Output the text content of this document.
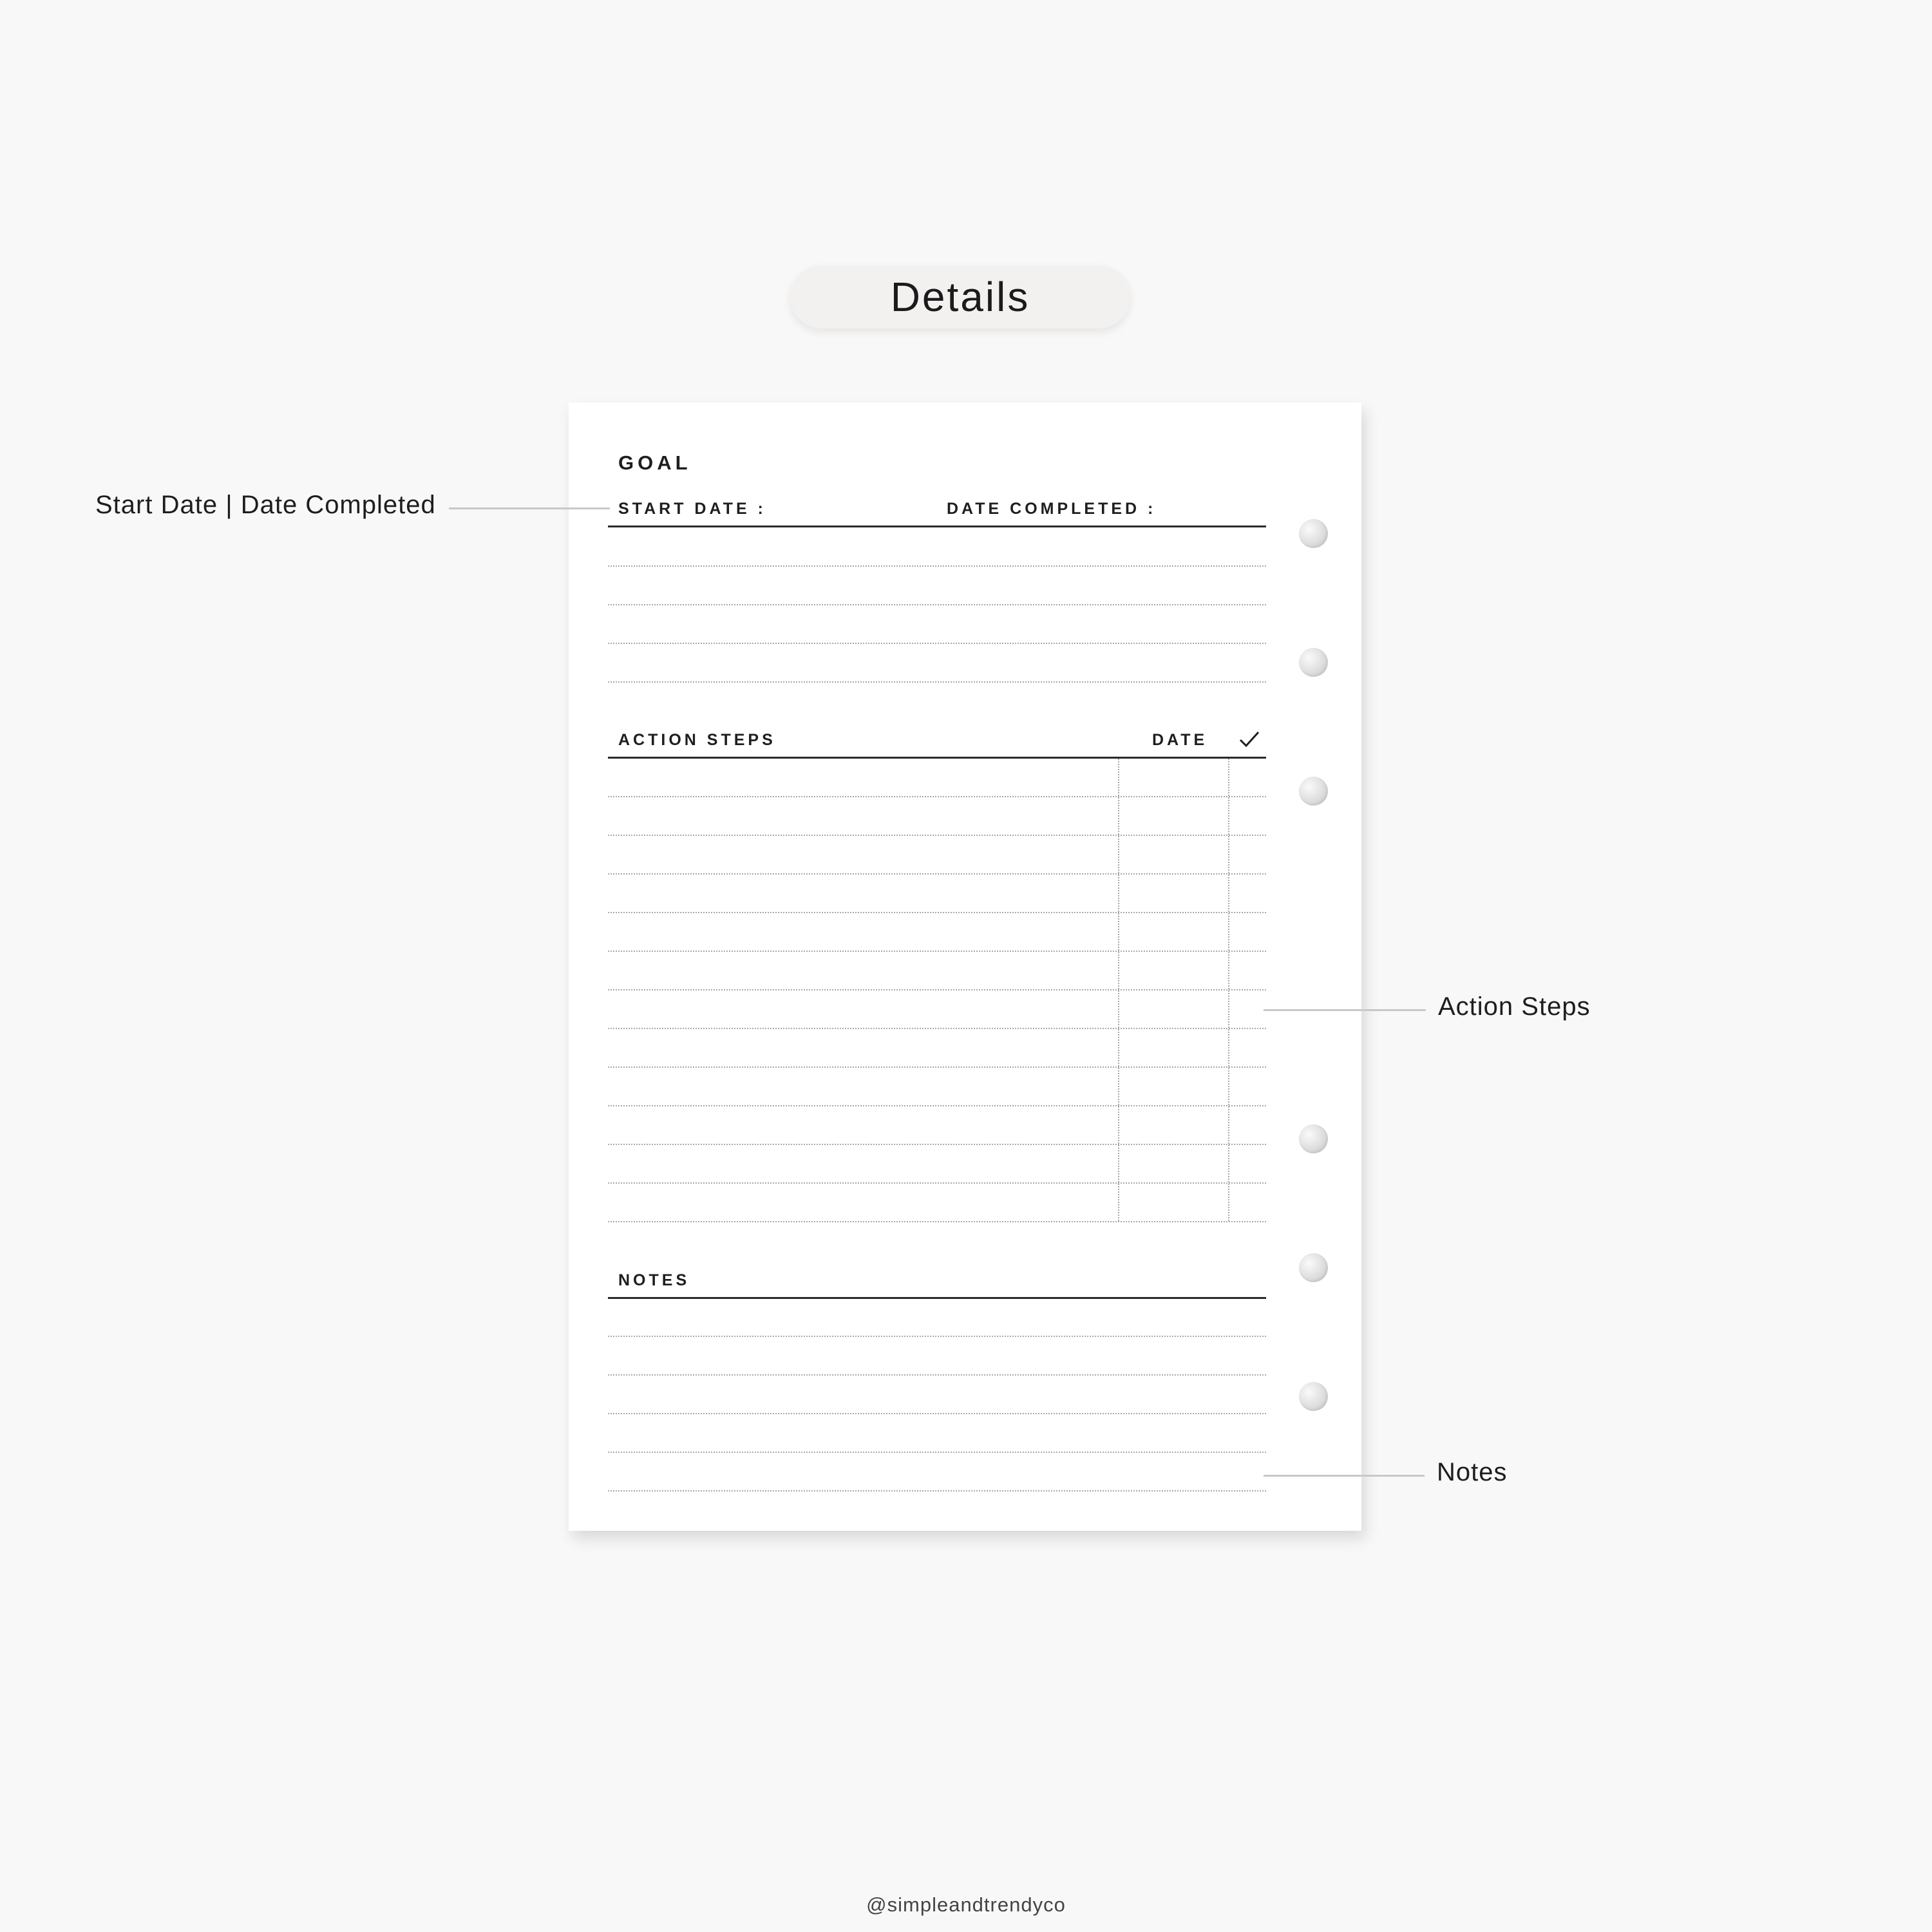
Details
GOAL
START DATE :	DATE COMPLETED :
ACTION STEPS	DATE
NOTES
Start Date | Date Completed
Action Steps
Notes
@simpleandtrendyco
